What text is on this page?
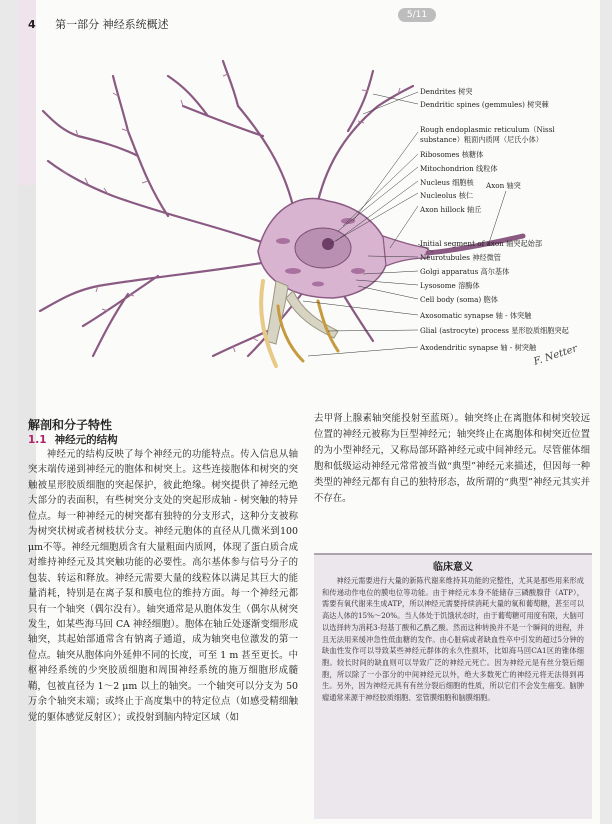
4 第一部分 神经系统概述
5/11
Dendrites 树突
Dendritic spines (gemmules) 树突棘
Rough endoplasmic reticulum（Nissl
substance）粗面内质网（尼氏小体）
Ribosomes 核糖体
Mitochondrion 线粒体
Nucleus 细胞核
Nucleolus 核仁
Axon hillock 轴丘
Axon 轴突
Initial segment of axon 轴突起始部
Neurotubules 神经微管
Golgi apparatus 高尔基体
Lysosome 溶酶体
Cell body (soma) 胞体
Axosomatic synapse 轴 - 体突触
Glial (astrocyte) process 星形胶质细胞突起
Axodendritic synapse 轴 - 树突触
F. Netter
解剖和分子特性
1.1 神经元的结构
神经元的结构反映了每个神经元的功能特点。传入信息从轴突末端传递到神经元的胞体和树突上。这些连接胞体和树突的突触被星形胶质细胞的突起保护，彼此绝缘。树突提供了神经元绝大部分的表面积，有些树突分支处的突起形成轴 - 树突触的特异位点。每一种神经元的树突都有独特的分支形式，这种分支被称为树突状树或者树枝状分支。神经元胞体的直径从几微米到100 μm不等。神经元细胞质含有大量粗面内质网，体现了蛋白质合成对维持神经元及其突触功能的必要性。高尔基体参与信号分子的包装、转运和释放。神经元需要大量的线粒体以满足其巨大的能量消耗，特别是在离子泵和膜电位的维持方面。每一个神经元都只有一个轴突（偶尔没有）。轴突通常是从胞体发生（偶尔从树突发生，如某些海马回 CA 神经细胞）。胞体在轴丘处逐渐变细形成轴突，其起始部通常含有钠离子通道，成为轴突电位激发的第一位点。轴突从胞体向外延伸不同的长度，可至 1 m 甚至更长。中枢神经系统的少突胶质细胞和周围神经系统的施万细胞形成髓鞘，包被直径为 1～2 μm 以上的轴突。一个轴突可以分支为 50 万余个轴突末端；或终止于高度集中的特定位点（如感受精细触觉的躯体感觉反射区）；或投射到脑内特定区域（如
去甲肾上腺素轴突能投射至蓝斑）。轴突终止在离胞体和树突较远位置的神经元被称为巨型神经元；轴突终止在离胞体和树突近位置的为小型神经元，又称局部环路神经元或中间神经元。尽管催体细胞和低级运动神经元常常被当做“典型”神经元来描述，但因每一种类型的神经元都有自己的独特形态，故所谓的“典型”神经元其实并不存在。
临床意义
神经元需要进行大量的新陈代谢来维持其功能的完整性，尤其是那些用来形成和传递动作电位的膜电位等功能。由于神经元本身不能储存三磷酸腺苷（ATP），需要有氧代谢来生成ATP，所以神经元需要持续消耗大量的氧和葡萄糖，甚至可以高达人体的15%～20%。当人体处于饥饿状态时，由于葡萄糖可用度有限，大脑可以选择转为消耗3-羟基丁酸和乙酰乙酸。然而这种转换并不是一个瞬间的进程，并且无法用来缓冲急性低血糖的发作。由心脏病或者缺血性卒中引发的超过5分钟的缺血性发作可以导致某些神经元群体的永久性损坏，比如海马回CA1区的锥体细胞。较长时间的缺血则可以导致广泛的神经元死亡。因为神经元是有丝分裂后细胞，所以除了一小部分的中间神经元以外，绝大多数死亡的神经元将无法得到再生。另外，因为神经元具有有丝分裂后细胞的性质，所以它们不会发生癌变。脑肿瘤通常来源于神经胶质细胞、室管膜细胞和脑膜细胞。
